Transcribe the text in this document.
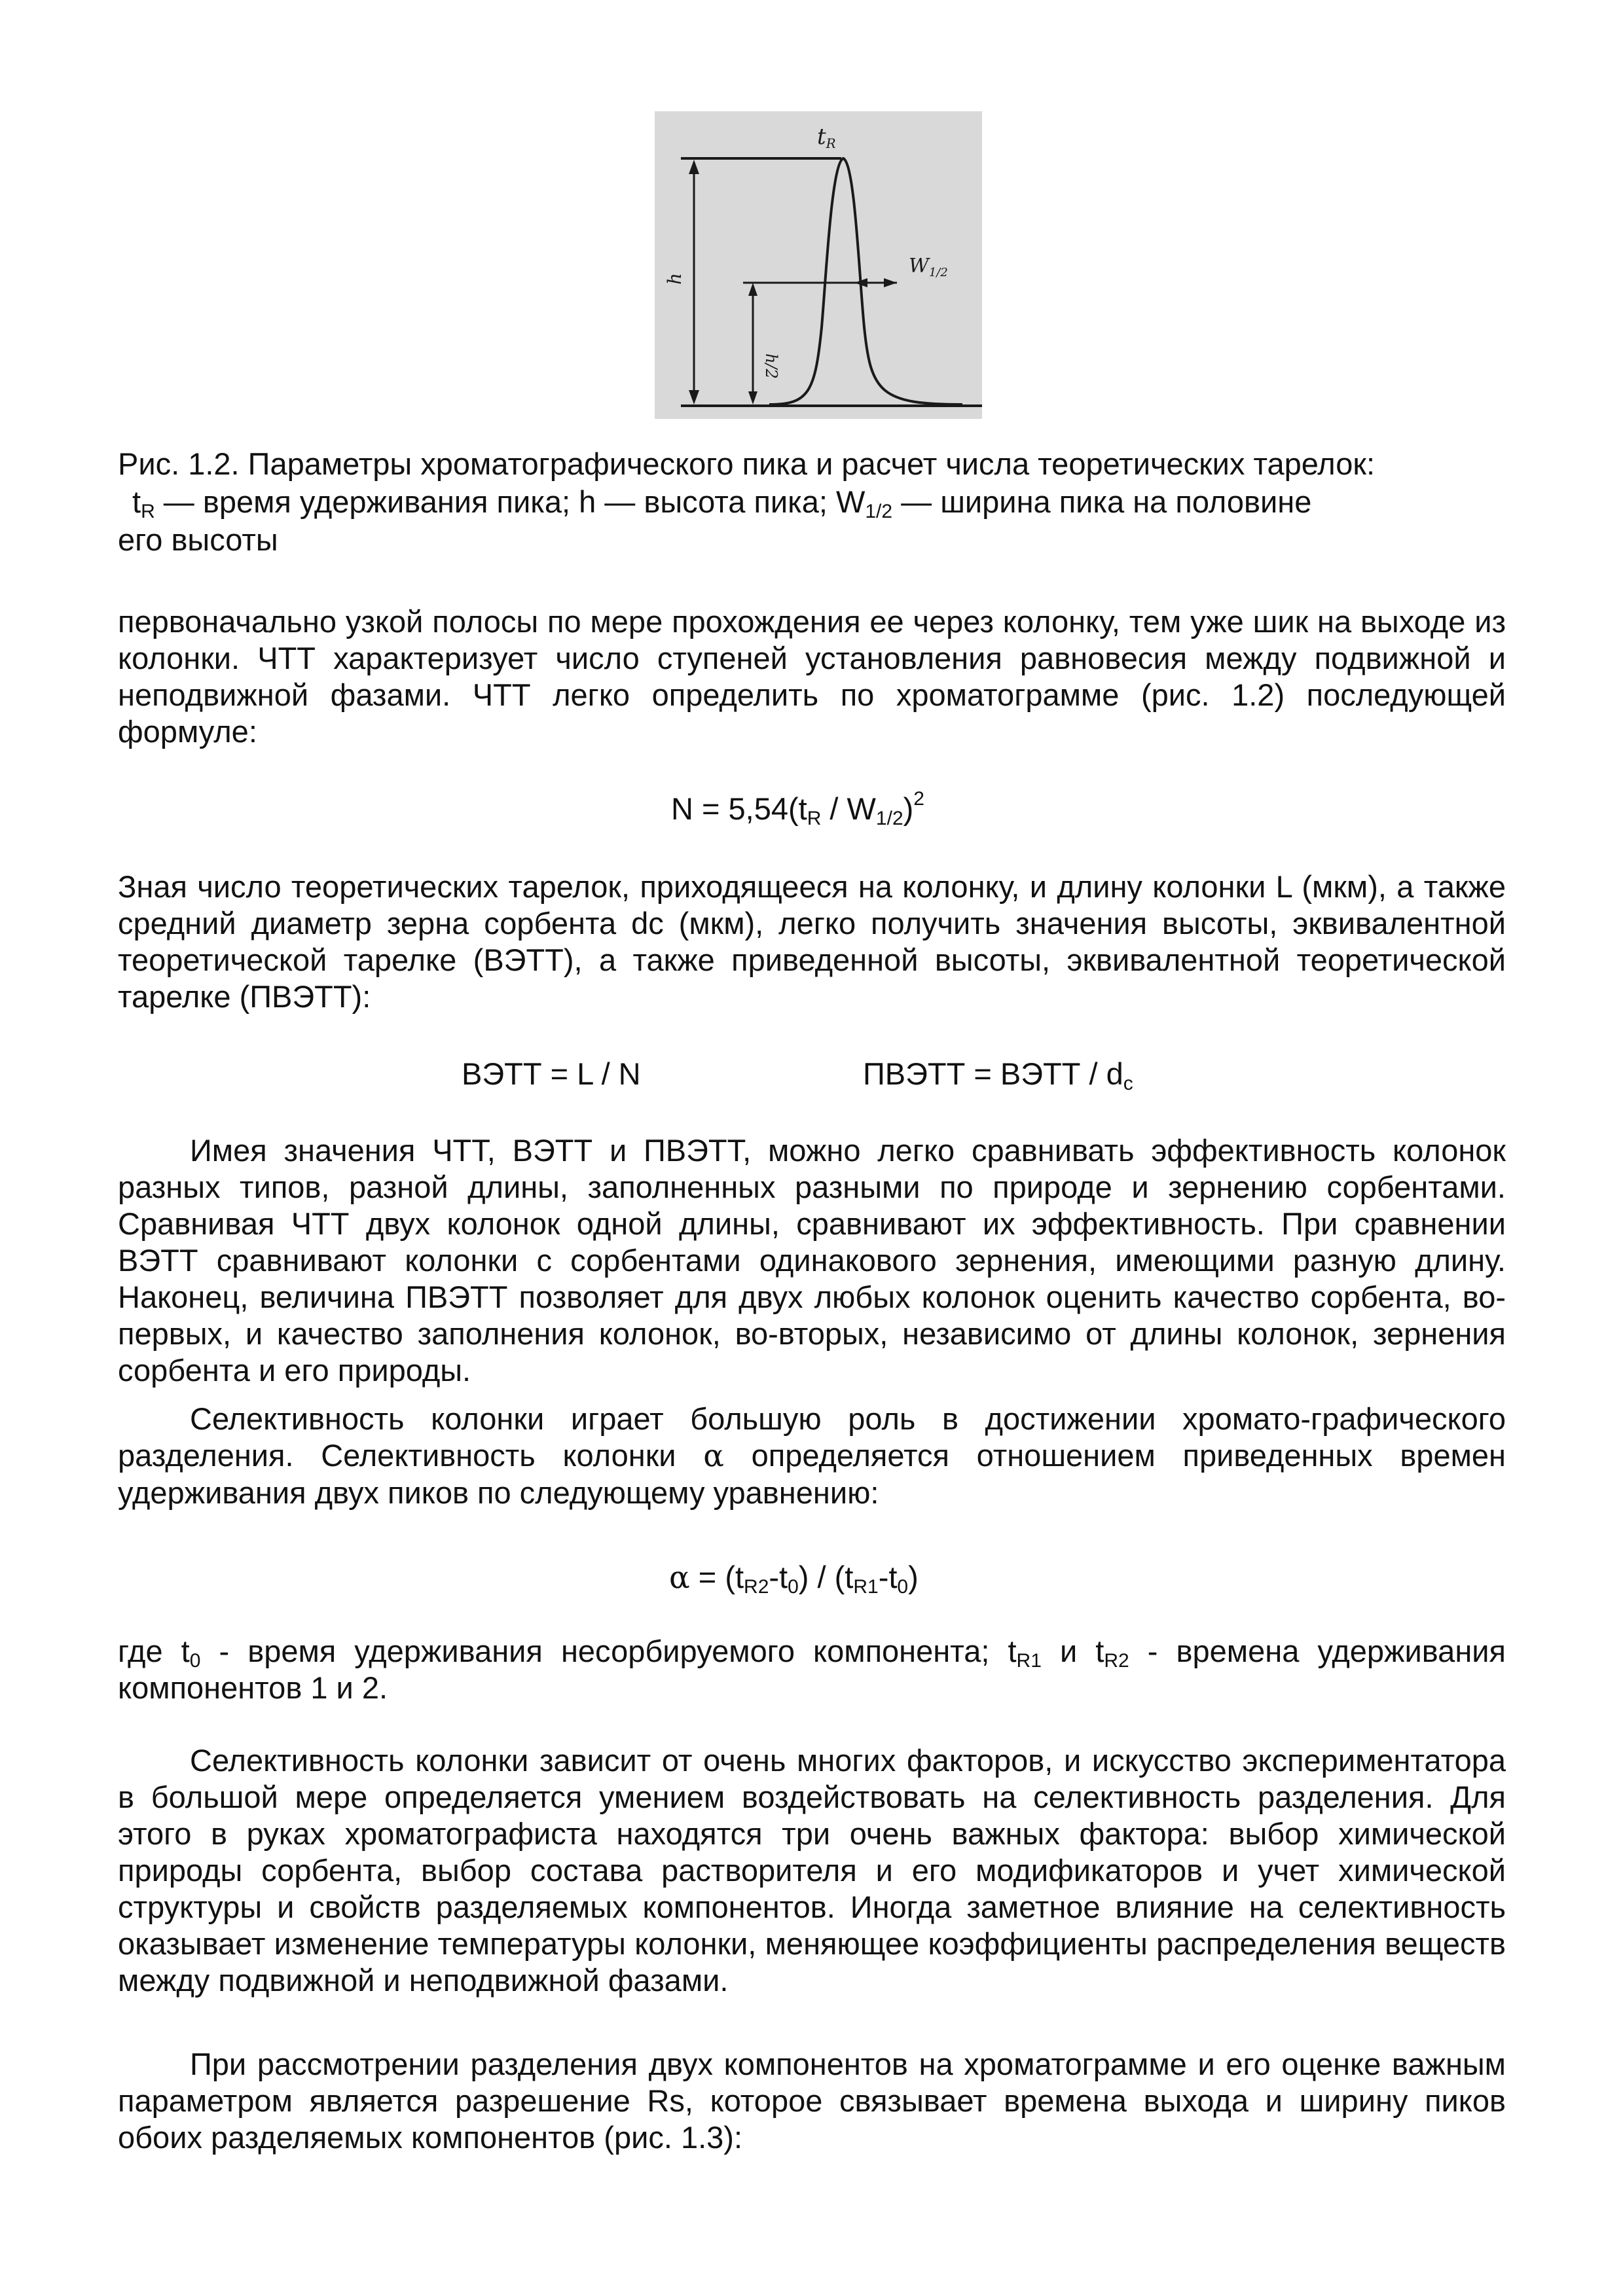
tR
$W_{1/2}$
h
h/2
Рис. 1.2. Параметры хроматографического пика и расчет числа теоретических тарелок:
$t_R$ — время удерживания пика; h — высота пика; $W_{1/2}$ — ширина пика на половине
его высоты
первоначально узкой полосы по мере прохождения ее через колонку, тем уже шик на выходе из колонки. ЧТТ характеризует число ступеней установления равновесия между подвижной и неподвижной фазами. ЧТТ легко определить по хроматограмме (рис. 1.2) последующей формуле:
$N = 5,54(t_R / W_{1/2})^2$
Зная число теоретических тарелок, приходящееся на колонку, и длину колонки L (мкм), а также средний диаметр зерна сорбента dc (мкм), легко получить значения высоты, эквивалентной теоретической тарелке (ВЭТТ), а также приведенной высоты, эквивалентной теоретической тарелке (ПВЭТТ):
ВЭТТ = L / N	ПВЭТТ = ВЭТТ / $d_c$
Имея значения ЧТТ, ВЭТТ и ПВЭТТ, можно легко сравнивать эффективность колонок разных типов, разной длины, заполненных разными по природе и зернению сорбентами. Сравнивая ЧТТ двух колонок одной длины, сравнивают их эффективность. При сравнении ВЭТТ сравнивают колонки с сорбентами одинакового зернения, имеющими разную длину. Наконец, величина ПВЭТТ позволяет для двух любых колонок оценить качество сорбента, во-первых, и качество заполнения колонок, во-вторых, независимо от длины колонок, зернения сорбента и его природы.
Селективность колонки играет большую роль в достижении хромато-графического разделения. Селективность колонки α определяется отношением приведенных времен удерживания двух пиков по следующему уравнению:
$\alpha = (t_{R2}-t_0) / (t_{R1}-t_0)$
где $t_0$ - время удерживания несорбируемого компонента; $t_{R1}$ и $t_{R2}$ - времена удерживания компонентов 1 и 2.
Селективность колонки зависит от очень многих факторов, и искусство экспериментатора в большой мере определяется умением воздействовать на селективность разделения. Для этого в руках хроматографиста находятся три очень важных фактора: выбор химической природы сорбента, выбор состава растворителя и его модификаторов и учет химической структуры и свойств разделяемых компонентов. Иногда заметное влияние на селективность оказывает изменение температуры колонки, меняющее коэффициенты распределения веществ между подвижной и неподвижной фазами.
При рассмотрении разделения двух компонентов на хроматограмме и его оценке важным параметром является разрешение Rs, которое связывает времена выхода и ширину пиков обоих разделяемых компонентов (рис. 1.3):
